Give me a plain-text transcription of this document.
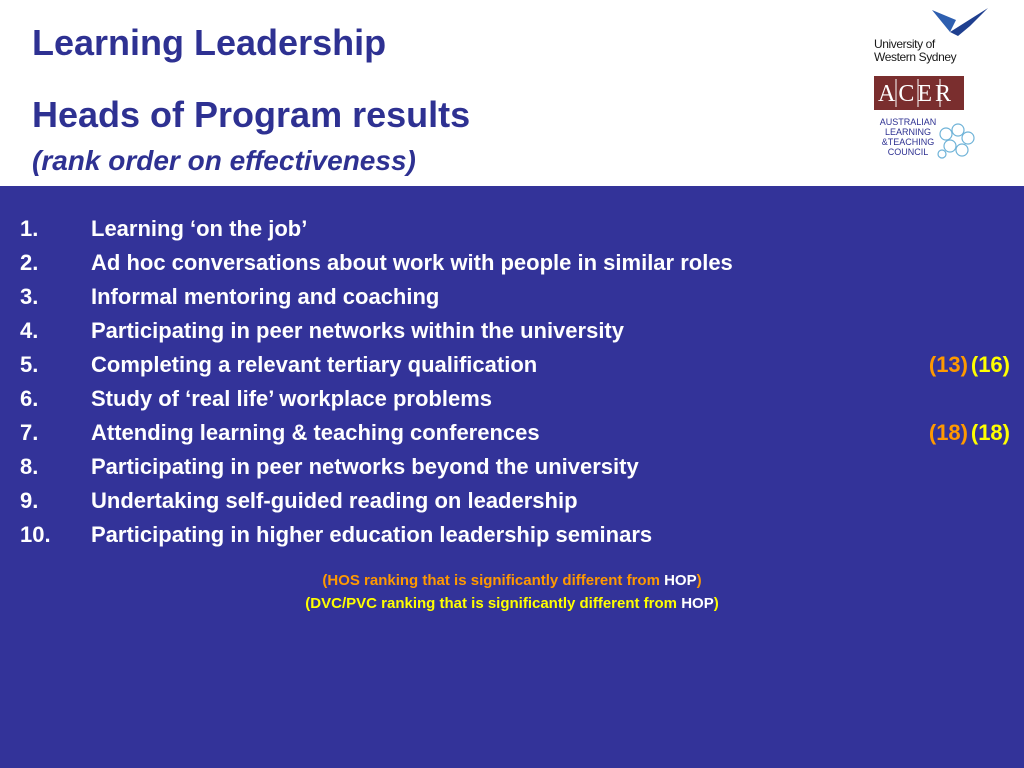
Learning Leadership
Heads of Program results
(rank order on effectiveness)
University of
Western Sydney
ACER
AUSTRALIAN
LEARNING
&TEACHING
COUNCIL
1. Learning ‘on the job’
2. Ad hoc conversations about work with people in similar roles
3. Informal mentoring and coaching
4. Participating in peer networks within the university
5. Completing a relevant tertiary qualification	(13) (16)
6. Study of ‘real life’ workplace problems
7. Attending learning & teaching conferences	(18) (18)
8. Participating in peer networks beyond the university
9. Undertaking self-guided reading on leadership
10. Participating in higher education leadership seminars
(HOS ranking that is significantly different from HOP)
(DVC/PVC ranking that is significantly different from HOP)
